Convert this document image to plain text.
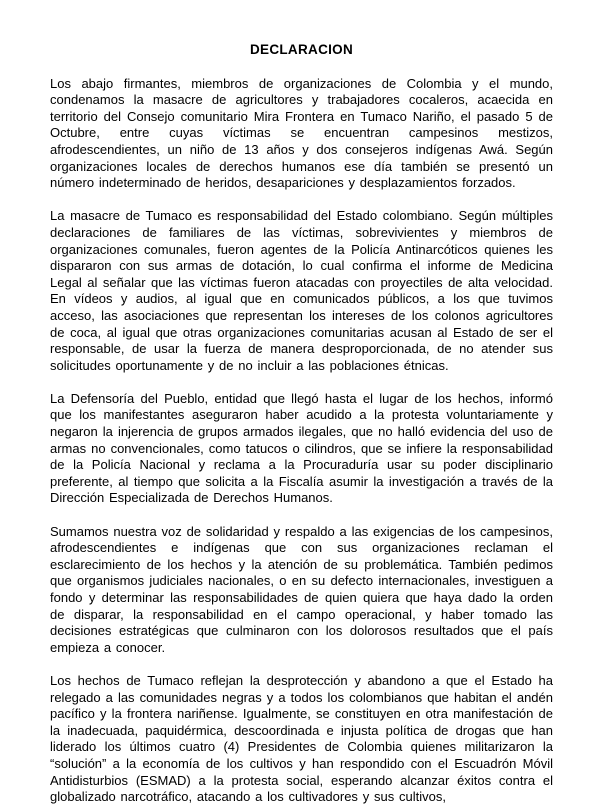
DECLARACION

Los abajo firmantes, miembros de organizaciones de Colombia y el mundo, condenamos la masacre de agricultores y trabajadores cocaleros, acaecida en territorio del Consejo comunitario Mira Frontera en Tumaco Nariño, el pasado 5 de Octubre, entre cuyas víctimas se encuentran campesinos mestizos, afrodescendientes, un niño de 13 años y dos consejeros indígenas Awá. Según organizaciones locales de derechos humanos ese día también se presentó un número indeterminado de heridos, desapariciones y desplazamientos forzados.

La masacre de Tumaco es responsabilidad del Estado colombiano. Según múltiples declaraciones de familiares de las víctimas, sobrevivientes y miembros de organizaciones comunales, fueron agentes de la Policía Antinarcóticos quienes les dispararon con sus armas de dotación, lo cual confirma el informe de Medicina Legal al señalar que las víctimas fueron atacadas con proyectiles de alta velocidad. En vídeos y audios, al igual que en comunicados públicos, a los que tuvimos acceso, las asociaciones que representan los intereses de los colonos agricultores de coca, al igual que otras organizaciones comunitarias acusan al Estado de ser el responsable, de usar la fuerza de manera desproporcionada, de no atender sus solicitudes oportunamente y de no incluir a las poblaciones étnicas.

La Defensoría del Pueblo, entidad que llegó hasta el lugar de los hechos, informó que los manifestantes aseguraron haber acudido a la protesta voluntariamente y negaron la injerencia de grupos armados ilegales, que no halló evidencia del uso de armas no convencionales, como tatucos o cilindros, que se infiere la responsabilidad de la Policía Nacional y reclama a la Procuraduría usar su poder disciplinario preferente, al tiempo que solicita a la Fiscalía asumir la investigación a través de la Dirección Especializada de Derechos Humanos.

Sumamos nuestra voz de solidaridad y respaldo a las exigencias de los campesinos, afrodescendientes e indígenas que con sus organizaciones reclaman el esclarecimiento de los hechos y la atención de su problemática. También pedimos que organismos judiciales nacionales, o en su defecto internacionales, investiguen a fondo y determinar las responsabilidades de quien quiera que haya dado la orden de disparar, la responsabilidad en el campo operacional, y haber tomado las decisiones estratégicas que culminaron con los dolorosos resultados que el país empieza a conocer.

Los hechos de Tumaco reflejan la desprotección y abandono a que el Estado ha relegado a las comunidades negras y a todos los colombianos que habitan el andén pacífico y la frontera nariñense. Igualmente, se constituyen en otra manifestación de la inadecuada, paquidérmica, descoordinada e injusta política de drogas que han liderado los últimos cuatro (4) Presidentes de Colombia quienes militarizaron la “solución” a la economía de los cultivos y han respondido con el Escuadrón Móvil Antidisturbios (ESMAD) a la protesta social, esperando alcanzar éxitos contra el globalizado narcotráfico, atacando a los cultivadores y sus cultivos,
